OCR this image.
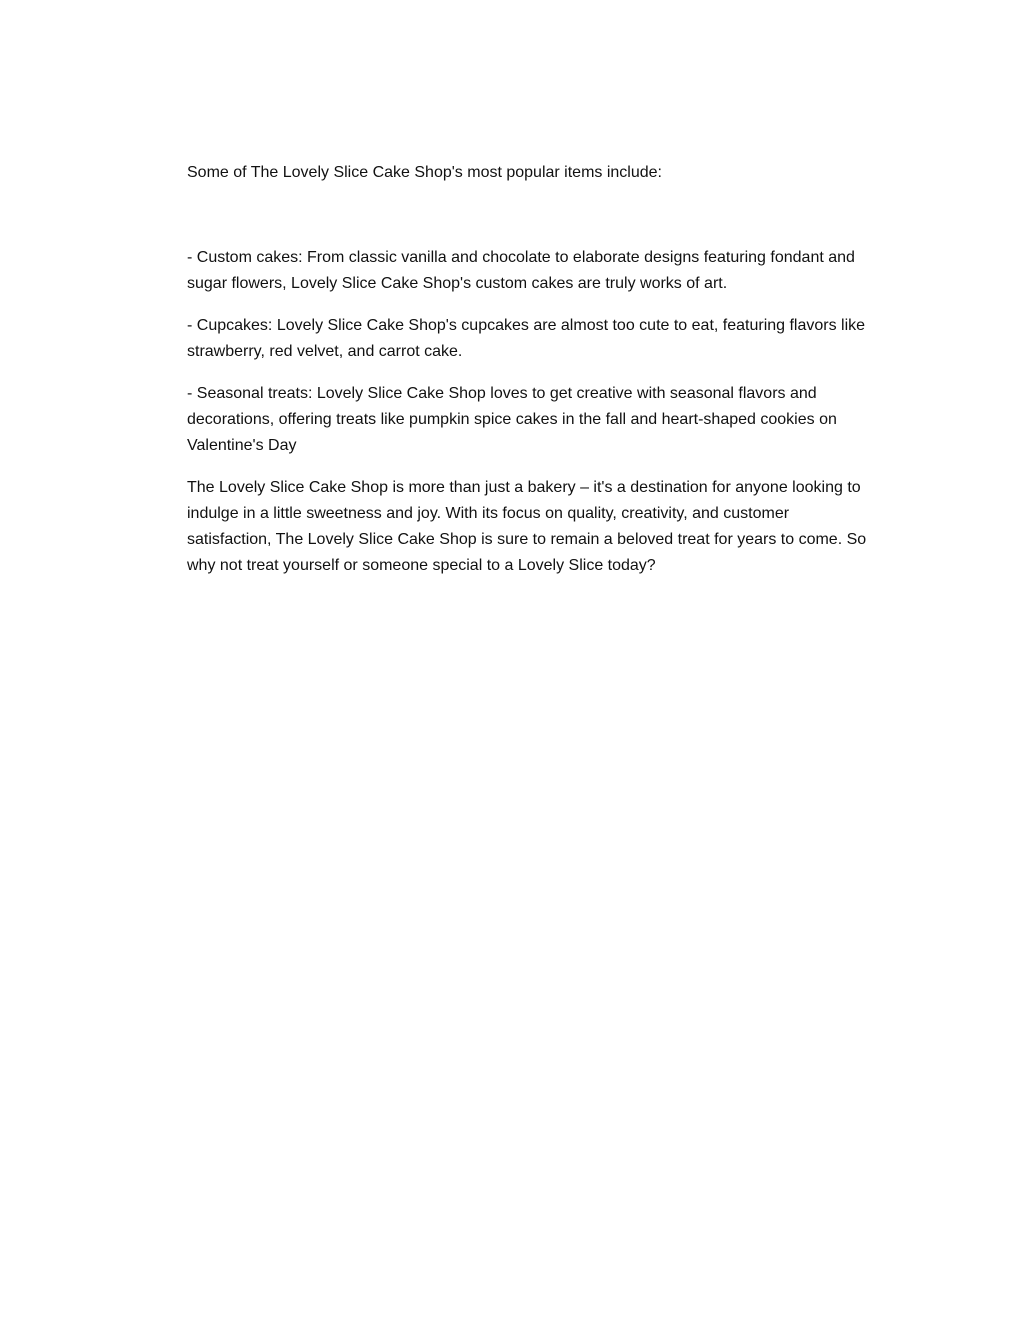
Some of The Lovely Slice Cake Shop's most popular items include:

- Custom cakes: From classic vanilla and chocolate to elaborate designs featuring fondant and
sugar flowers, Lovely Slice Cake Shop's custom cakes are truly works of art.
- Cupcakes: Lovely Slice Cake Shop's cupcakes are almost too cute to eat, featuring flavors like
strawberry, red velvet, and carrot cake.
- Seasonal treats: Lovely Slice Cake Shop loves to get creative with seasonal flavors and
decorations, offering treats like pumpkin spice cakes in the fall and heart-shaped cookies on
Valentine's Day
The Lovely Slice Cake Shop is more than just a bakery – it's a destination for anyone looking to
indulge in a little sweetness and joy. With its focus on quality, creativity, and customer
satisfaction, The Lovely Slice Cake Shop is sure to remain a beloved treat for years to come. So
why not treat yourself or someone special to a Lovely Slice today?
